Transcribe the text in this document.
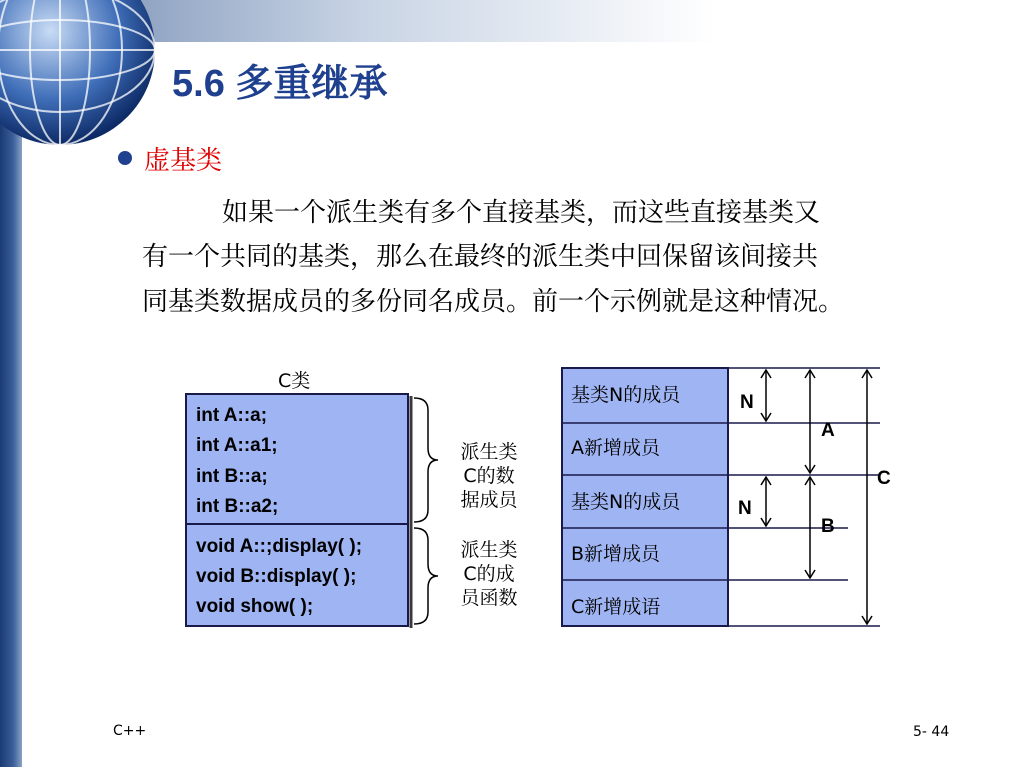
5.6 多重继承
虚基类
如果一个派生类有多个直接基类，而这些直接基类又
有一个共同的基类，那么在最终的派生类中回保留该间接共
同基类数据成员的多份同名成员。前一个示例就是这种情况。
C类
int A::a;
int A::a1;
int B::a;
int B::a2;
void A::;display( );
void B::display( );
void show( );
派生类
C的数
据成员
派生类
C的成
员函数
基类N的成员
A新增成员
基类N的成员
B新增成员
C新增成语
N
A
C
N
B
C++	5- 44
